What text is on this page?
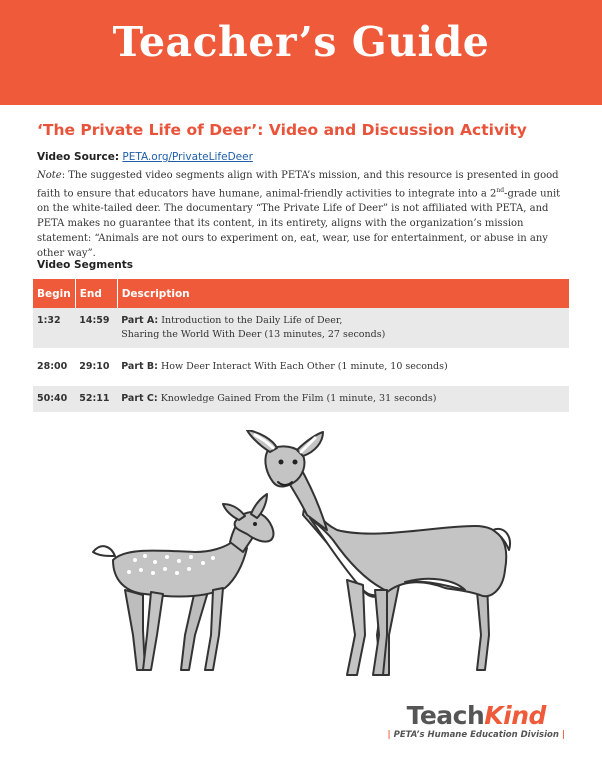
Teacher’s Guide
‘The Private Life of Deer’: Video and Discussion Activity
Video Source: PETA.org/PrivateLifeDeer

Note: The suggested video segments align with PETA’s mission, and this resource is presented in good faith to ensure that educators have humane, animal-friendly activities to integrate into a 2nd-grade unit on the white-tailed deer. The documentary “The Private Life of Deer” is not affiliated with PETA, and PETA makes no guarantee that its content, in its entirety, aligns with the organization’s mission statement: “Animals are not ours to experiment on, eat, wear, use for entertainment, or abuse in any other way”.

Video Segments
Begin	End	Description
1:32	14:59	Part A: Introduction to the Daily Life of Deer,
Sharing the World With Deer (13 minutes, 27 seconds)

28:00	29:10	Part B: How Deer Interact With Each Other (1 minute, 10 seconds)

50:40	52:11	Part C: Knowledge Gained From the Film (1 minute, 31 seconds)
TeachKind
| PETA’s Humane Education Division |
